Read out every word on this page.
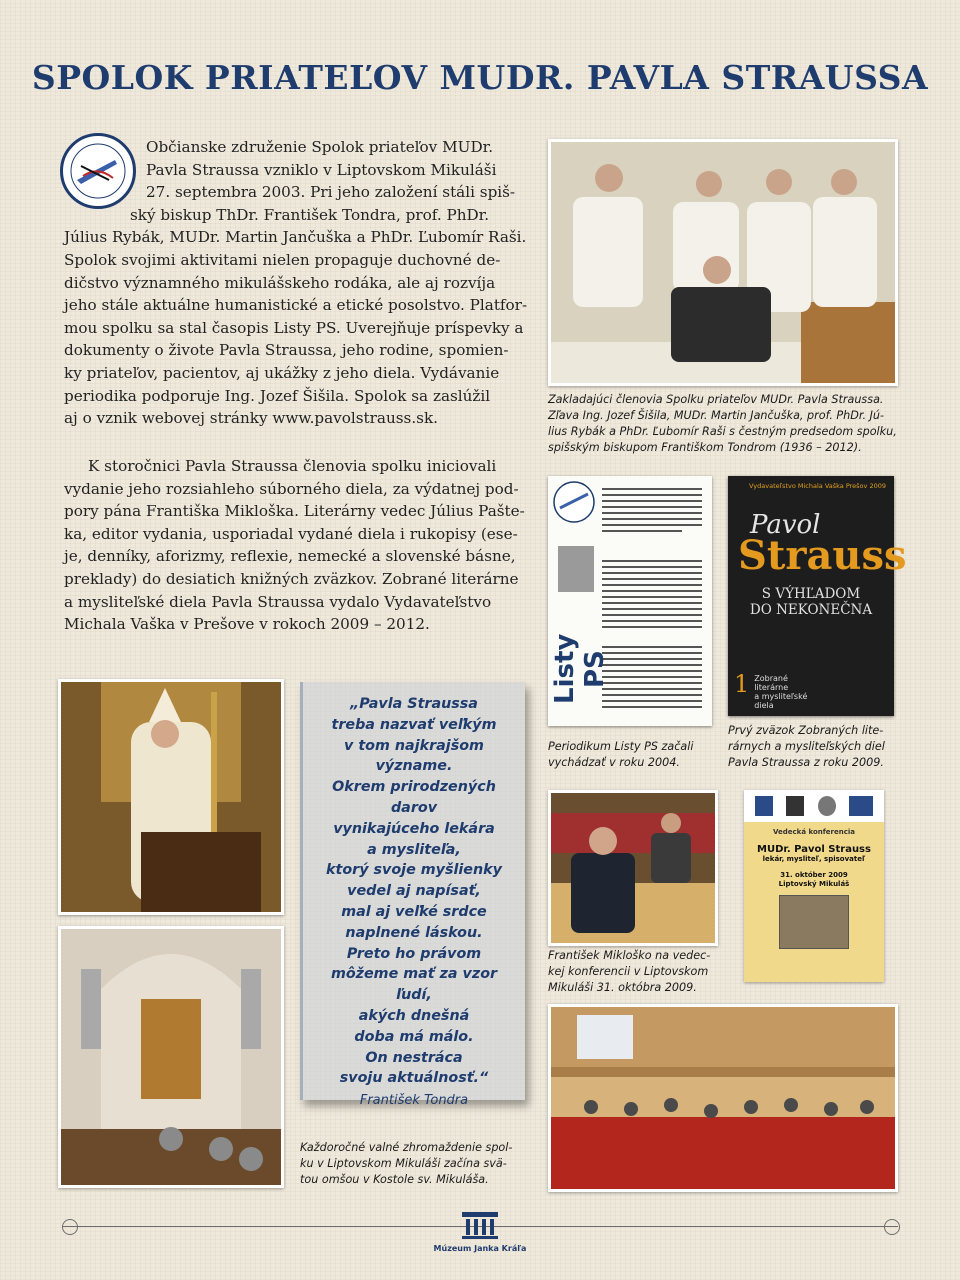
SPOLOK PRIATEĽOV MUDR. PAVLA STRAUSSA

Občianske združenie Spolok priateľov MUDr.

Pavla Straussa vzniklo v Liptovskom Mikuláši

27. septembra 2003. Pri jeho založení stáli spiš-

ský biskup ThDr. František Tondra, prof. PhDr.

Július Rybák, MUDr. Martin Jančuška a PhDr. Ľubomír Raši.

Spolok svojimi aktivitami nielen propaguje duchovné de-

dičstvo významného mikulášskeho rodáka, ale aj rozvíja

jeho stále aktuálne humanistické a etické posolstvo. Platfor-

mou spolku sa stal časopis Listy PS. Uverejňuje príspevky a

dokumenty o živote Pavla Straussa, jeho rodine, spomien-

ky priateľov, pacientov, aj ukážky z jeho diela. Vydávanie

periodika podporuje Ing. Jozef Šišila. Spolok sa zaslúžil

aj o vznik webovej stránky www.pavolstrauss.sk.

K storočnici Pavla Straussa členovia spolku iniciovali

vydanie jeho rozsiahleho súborného diela, za výdatnej pod-

pory pána Františka Mikloška. Literárny vedec Július Pašte-

ka, editor vydania, usporiadal vydané diela i rukopisy (ese-

je, denníky, aforizmy, reflexie, nemecké a slovenské básne,

preklady) do desiatich knižných zväzkov. Zobrané literárne

a mysliteľské diela Pavla Straussa vydalo Vydavateľstvo

Michala Vaška v Prešove v rokoch 2009 – 2012.

Zakladajúci členovia Spolku priateľov MUDr. Pavla Straussa.
Zľava Ing. Jozef Šišila, MUDr. Martin Jančuška, prof. PhDr. Jú-
lius Rybák a PhDr. Ľubomír Raši s čestným predsedom spolku,
spišským biskupom Františkom Tondrom (1936 – 2012).
Listy PS
Periodikum Listy PS začali
vychádzať v roku 2004.
Vydavateľstvo Michala Vaška Prešov 2009
Pavol
Strauss
S VÝHĽADOM
DO NEKONEČNA
1 Zobrané
literárne
a mysliteľské
diela
Prvý zväzok Zobraných lite-
rárnych a mysliteľských diel
Pavla Straussa z roku 2009.
František Mikloško na vedec-
kej konferencii v Liptovskom
Mikuláši 31. októbra 2009.
Vedecká konferencia
MUDr. Pavol Strauss
lekár, mysliteľ, spisovateľ
31. október 2009
Liptovský Mikuláš
Každoročné valné zhromaždenie spol-
ku v Liptovskom Mikuláši začína svä-
tou omšou v Kostole sv. Mikuláša.
„Pavla Straussa
treba nazvať veľkým
v tom najkrajšom
význame.
Okrem prirodzených
darov
vynikajúceho lekára
a mysliteľa,
ktorý svoje myšlienky
vedel aj napísať,
mal aj veľké srdce
naplnené láskou.
Preto ho právom
môžeme mať za vzor ľudí,
akých dnešná
doba má málo.
On nestráca
svoju aktuálnosť.“
František Tondra
Múzeum Janka Kráľa
